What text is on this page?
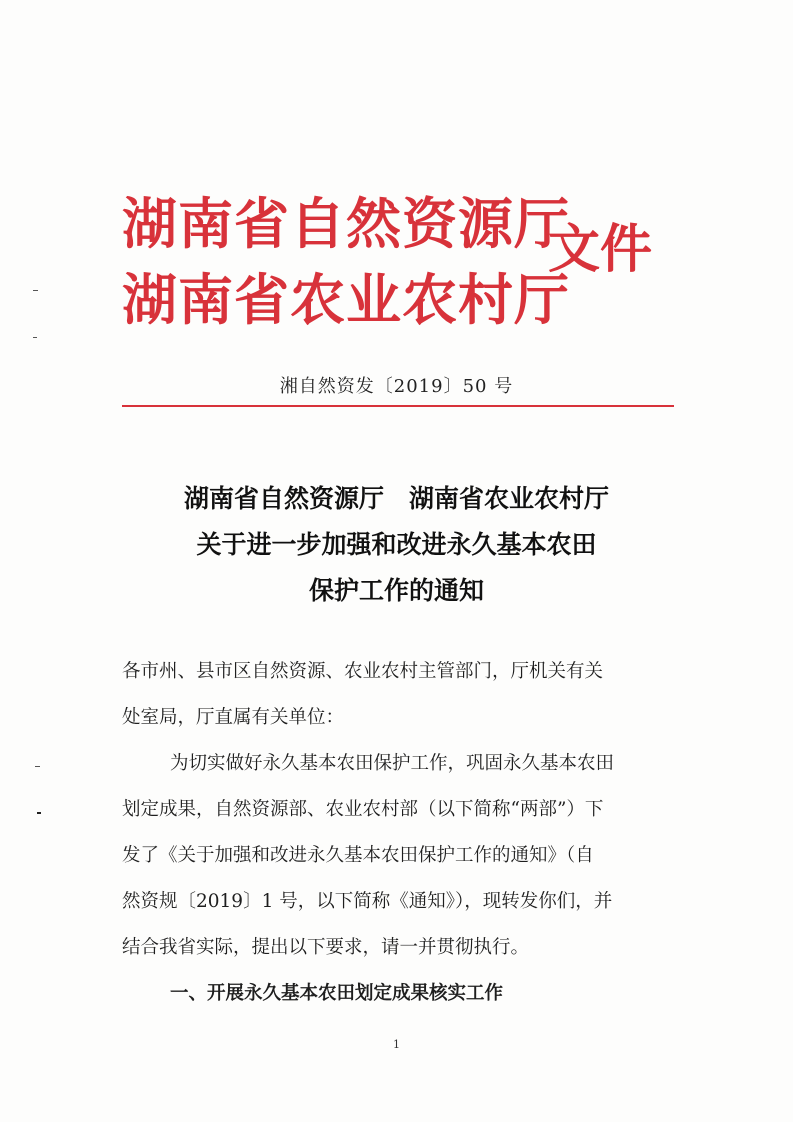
湖南省自然资源厅
湖南省农业农村厅
文件
湘自然资发〔2019〕50 号
湖南省自然资源厅　湖南省农业农村厅
关于进一步加强和改进永久基本农田
保护工作的通知
各市州、县市区自然资源、农业农村主管部门，厅机关有关
处室局，厅直属有关单位：
为切实做好永久基本农田保护工作，巩固永久基本农田
划定成果，自然资源部、农业农村部（以下简称“两部”）下
发了《关于加强和改进永久基本农田保护工作的通知》（自
然资规〔2019〕1 号，以下简称《通知》），现转发你们，并
结合我省实际，提出以下要求，请一并贯彻执行。
一、开展永久基本农田划定成果核实工作
1
